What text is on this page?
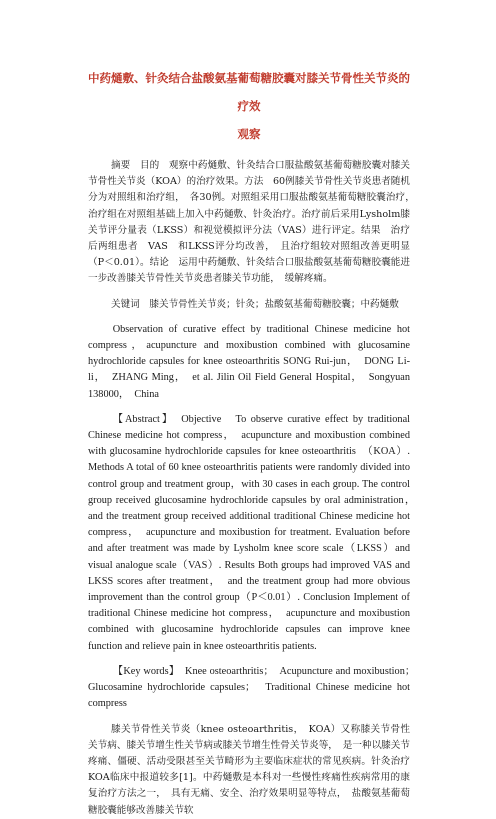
中药熥敷、针灸结合盐酸氨基葡萄糖胶囊对膝关节骨性关节炎的疗效
观察

摘要　目的　观察中药熥敷、针灸结合口服盐酸氨基葡萄糖胶囊对膝关节骨性关节炎（KOA）的治疗效果。方法　60例膝关节骨性关节炎患者随机分为对照组和治疗组，　各30例。对照组采用口服盐酸氨基葡萄糖胶囊治疗，　治疗组在对照组基础上加入中药熥敷、针灸治疗。治疗前后采用Lysholm膝关节评分量表（LKSS）和视觉模拟评分法（VAS）进行评定。结果　治疗后两组患者　VAS　和LKSS评分均改善，　且治疗组较对照组改善更明显（P＜0.01）。结论　运用中药熥敷、针灸结合口服盐酸氨基葡萄糖胶囊能进一步改善膝关节骨性关节炎患者膝关节功能，　缓解疼痛。

关键词　膝关节骨性关节炎；针灸；盐酸氨基葡萄糖胶囊；中药熥敷

Observation of curative effect by traditional Chinese medicine hot compress，acupuncture and moxibustion combined with glucosamine hydrochloride capsules for knee osteoarthritis SONG Rui-jun，　DONG Li-li，　ZHANG Ming，　et al. Jilin Oil Field General Hospital，　Songyuan 138000，　China

【Abstract】　Objective　To observe curative effect by traditional Chinese medicine hot compress，　acupuncture and moxibustion combined with glucosamine hydrochloride capsules for knee osteoarthritis　（KOA）. Methods A total of 60 knee osteoarthritis patients were randomly divided into control group and treatment group，with 30 cases in each group. The control group received glucosamine hydrochloride capsules by oral administration，　and the treatment group received additional traditional Chinese medicine hot compress，　acupuncture and moxibustion for treatment. Evaluation before and after treatment was made by Lysholm knee score scale（LKSS）and visual analogue scale（VAS）. Results Both groups had improved VAS and LKSS scores after treatment，　and the treatment group had more obvious improvement than the control group（P＜0.01）. Conclusion Implement of traditional Chinese medicine hot compress，　acupuncture and moxibustion combined with glucosamine hydrochloride capsules can improve knee function and relieve pain in knee osteoarthritis patients.

【Key words】　Knee osteoarthritis；　Acupuncture and moxibustion；　Glucosamine hydrochloride capsules；　Traditional Chinese medicine hot compress

膝关节骨性关节炎（knee osteoarthritis，　KOA）又称膝关节骨性关节病、膝关节增生性关节病或膝关节增生性骨关节炎等，　是一种以膝关节疼痛、僵硬、活动受限甚至关节畸形为主要临床症状的常见疾病。针灸治疗KOA临床中报道较多[1]。中药熥敷是本科对一些慢性疼痛性疾病常用的康复治疗方法之一，　具有无痛、安全、治疗效果明显等特点，　盐酸氨基葡萄糖胶囊能够改善膝关节软
